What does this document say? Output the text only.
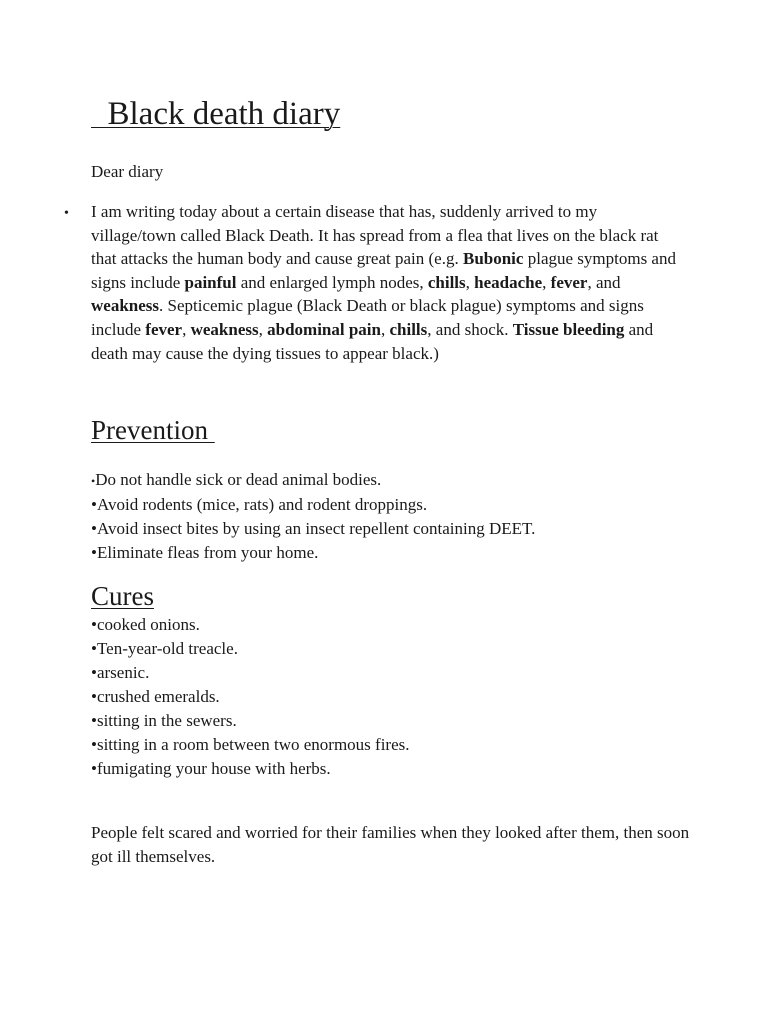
Black death diary
Dear diary
• I am writing today about a certain disease that has, suddenly arrived to my village/town called Black Death. It has spread from a flea that lives on the black rat that attacks the human body and cause great pain (e.g. Bubonic plague symptoms and signs include painful and enlarged lymph nodes, chills, headache, fever, and weakness. Septicemic plague (Black Death or black plague) symptoms and signs include fever, weakness, abdominal pain, chills, and shock. Tissue bleeding and death may cause the dying tissues to appear black.)
Prevention
•Do not handle sick or dead animal bodies.
•Avoid rodents (mice, rats) and rodent droppings.
•Avoid insect bites by using an insect repellent containing DEET.
•Eliminate fleas from your home.
Cures
•cooked onions.
•Ten-year-old treacle.
•arsenic.
•crushed emeralds.
•sitting in the sewers.
•sitting in a room between two enormous fires.
•fumigating your house with herbs.
People felt scared and worried for their families when they looked after them, then soon got ill themselves.
